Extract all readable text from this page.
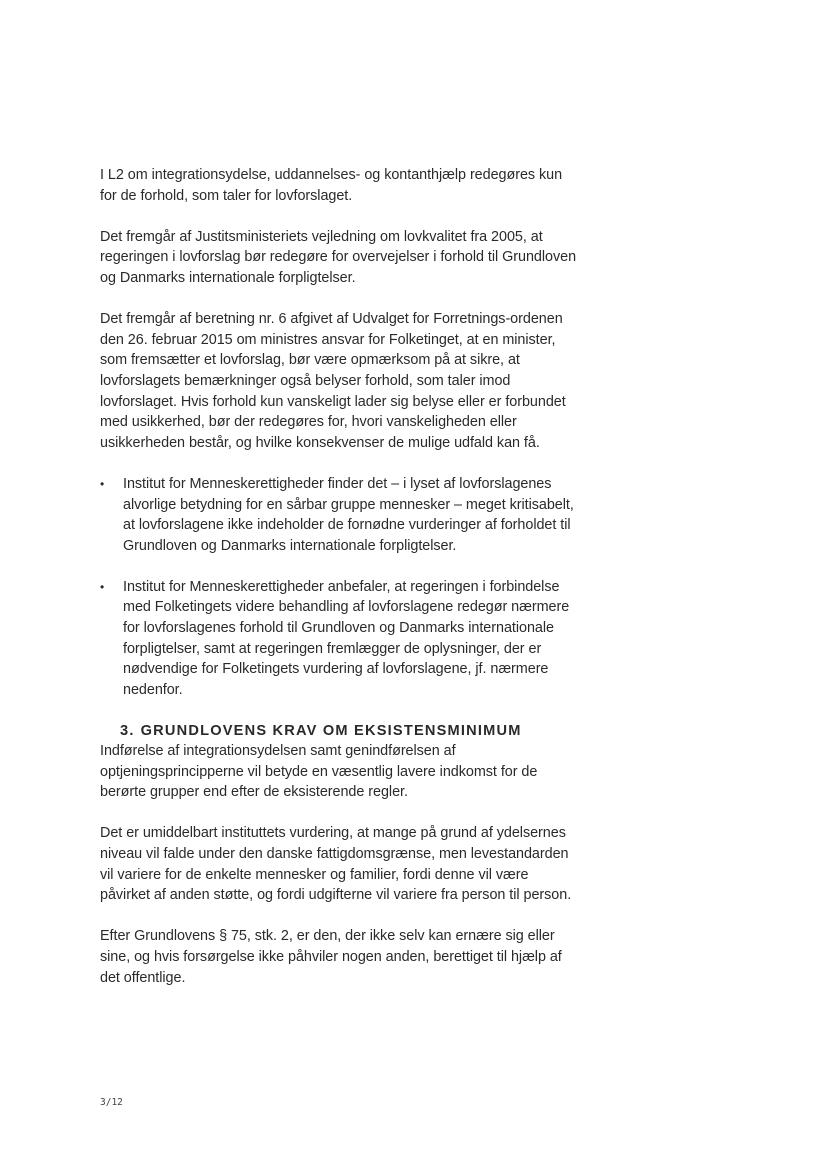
I L2 om integrationsydelse, uddannelses- og kontanthjælp redegøres kun for de forhold, som taler for lovforslaget.

Det fremgår af Justitsministeriets vejledning om lovkvalitet fra 2005, at regeringen i lovforslag bør redegøre for overvejelser i forhold til Grundloven og Danmarks internationale forpligtelser.

Det fremgår af beretning nr. 6 afgivet af Udvalget for Forretnings-ordenen den 26. februar 2015 om ministres ansvar for Folketinget, at en minister, som fremsætter et lovforslag, bør være opmærksom på at sikre, at lovforslagets bemærkninger også belyser forhold, som taler imod lovforslaget. Hvis forhold kun vanskeligt lader sig belyse eller er forbundet med usikkerhed, bør der redegøres for, hvori vanskeligheden eller usikkerheden består, og hvilke konsekvenser de mulige udfald kan få.

• Institut for Menneskerettigheder finder det – i lyset af lovforslagenes alvorlige betydning for en sårbar gruppe mennesker – meget kritisabelt, at lovforslagene ikke indeholder de fornødne vurderinger af forholdet til Grundloven og Danmarks internationale forpligtelser.
• Institut for Menneskerettigheder anbefaler, at regeringen i forbindelse med Folketingets videre behandling af lovforslagene redegør nærmere for lovforslagenes forhold til Grundloven og Danmarks internationale forpligtelser, samt at regeringen fremlægger de oplysninger, der er nødvendige for Folketingets vurdering af lovforslagene, jf. nærmere nedenfor.
3. GRUNDLOVENS KRAV OM EKSISTENSMINIMUM

Indførelse af integrationsydelsen samt genindførelsen af optjeningsprincipperne vil betyde en væsentlig lavere indkomst for de berørte grupper end efter de eksisterende regler.

Det er umiddelbart instituttets vurdering, at mange på grund af ydelsernes niveau vil falde under den danske fattigdomsgrænse, men levestandarden vil variere for de enkelte mennesker og familier, fordi denne vil være påvirket af anden støtte, og fordi udgifterne vil variere fra person til person.

Efter Grundlovens § 75, stk. 2, er den, der ikke selv kan ernære sig eller sine, og hvis forsørgelse ikke påhviler nogen anden, berettiget til hjælp af det offentlige.

3/12
